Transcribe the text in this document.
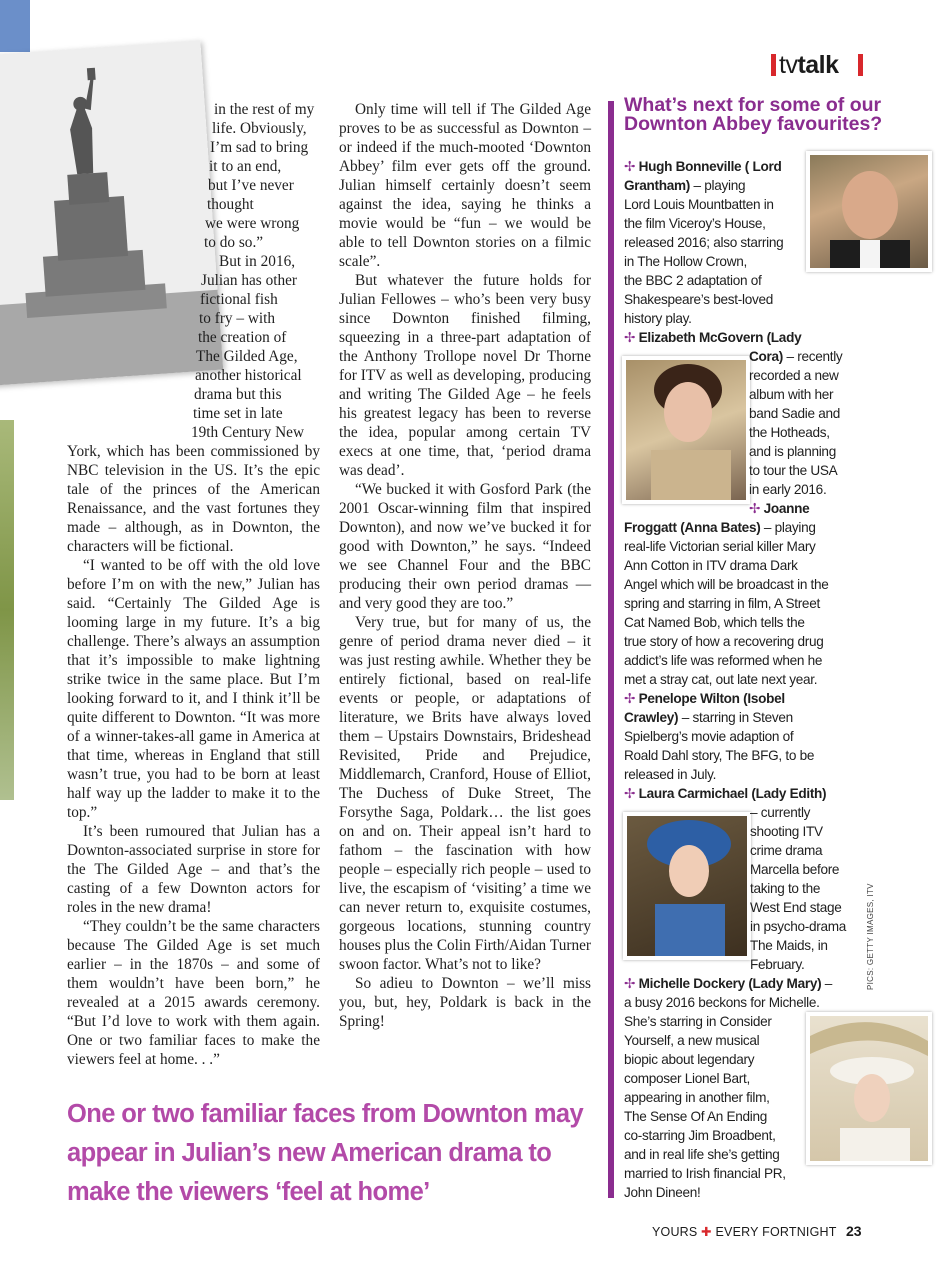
tvtalk
in the rest of my
life. Obviously,
I’m sad to bring
it to an end,
but I’ve never
thought
we were wrong
to do so.”
But in 2016,
Julian has other
fictional fish
to fry – with
the creation of
The Gilded Age,
another historical
drama but this
time set in late
19th Century New

York, which has been commissioned by NBC television in the US. It’s the epic tale of the princes of the American Renaissance, and the vast fortunes they made – although, as in Downton, the characters will be fictional.

“I wanted to be off with the old love before I’m on with the new,” Julian has said. “Certainly The Gilded Age is looming large in my future. It’s a big challenge. There’s always an assumption that it’s impossible to make lightning strike twice in the same place. But I’m looking forward to it, and I think it’ll be quite different to Downton. “It was more of a winner-takes-all game in America at that time, whereas in England that still wasn’t true, you had to be born at least half way up the ladder to make it to the top.”

It’s been rumoured that Julian has a Downton-associated surprise in store for the The Gilded Age – and that’s the casting of a few Downton actors for roles in the new drama!

“They couldn’t be the same characters because The Gilded Age is set much earlier – in the 1870s – and some of them wouldn’t have been born,” he revealed at a 2015 awards ceremony. “But I’d love to work with them again. One or two familiar faces to make the viewers feel at home. . .”

Only time will tell if The Gilded Age proves to be as successful as Downton – or indeed if the much-mooted ‘Downton Abbey’ film ever gets off the ground. Julian himself certainly doesn’t seem against the idea, saying he thinks a movie would be “fun – we would be able to tell Downton stories on a filmic scale”.

But whatever the future holds for Julian Fellowes – who’s been very busy since Downton finished filming, squeezing in a three-part adaptation of the Anthony Trollope novel Dr Thorne for ITV as well as developing, producing and writing The Gilded Age – he feels his greatest legacy has been to reverse the idea, popular among certain TV execs at one time, that, ‘period drama was dead’.

“We bucked it with Gosford Park (the 2001 Oscar-winning film that inspired Downton), and now we’ve bucked it for good with Downton,” he says. “Indeed we see Channel Four and the BBC producing their own period dramas — and very good they are too.”

Very true, but for many of us, the genre of period drama never died – it was just resting awhile. Whether they be entirely fictional, based on real-life events or people, or adaptations of literature, we Brits have always loved them – Upstairs Downstairs, Brideshead Revisited, Pride and Prejudice, Middlemarch, Cranford, House of Elliot, The Duchess of Duke Street, The Forsythe Saga, Poldark… the list goes on and on. Their appeal isn’t hard to fathom – the fascination with how people – especially rich people – used to live, the escapism of ‘visiting’ a time we can never return to, exquisite costumes, gorgeous locations, stunning country houses plus the Colin Firth/Aidan Turner swoon factor. What’s not to like?

So adieu to Downton – we’ll miss you, but, hey, Poldark is back in the Spring!

One or two familiar faces from Downton may appear in Julian’s new American drama to make the viewers ‘feel at home’
What’s next for some of our Downton Abbey favourites?
✢ Hugh Bonneville ( Lord
Grantham) – playing
Lord Louis Mountbatten in
the film Viceroy’s House,
released 2016; also starring
in The Hollow Crown,
the BBC 2 adaptation of
Shakespeare’s best-loved
history play.
✢ Elizabeth McGovern (Lady
Cora) – recently
recorded a new
album with her
band Sadie and
the Hotheads,
and is planning
to tour the USA
in early 2016.
✢ Joanne
Froggatt (Anna Bates) – playing
real-life Victorian serial killer Mary
Ann Cotton in ITV drama Dark
Angel which will be broadcast in the
spring and starring in film, A Street
Cat Named Bob, which tells the
true story of how a recovering drug
addict’s life was reformed when he
met a stray cat, out late next year.
✢ Penelope Wilton (Isobel
Crawley) – starring in Steven
Spielberg’s movie adaption of
Roald Dahl story, The BFG, to be
released in July.
✢ Laura Carmichael (Lady Edith)
– currently
shooting ITV
crime drama
Marcella before
taking to the
West End stage
in psycho-drama
The Maids, in
February.
✢ Michelle Dockery (Lady Mary) –
a busy 2016 beckons for Michelle.
She’s starring in Consider
Yourself, a new musical
biopic about legendary
composer Lionel Bart,
appearing in another film,
The Sense Of An Ending
co-starring Jim Broadbent,
and in real life she’s getting
married to Irish financial PR,
John Dineen!
PICS: GETTY IMAGES, ITV
YOURS ✚ EVERY FORTNIGHT 23
